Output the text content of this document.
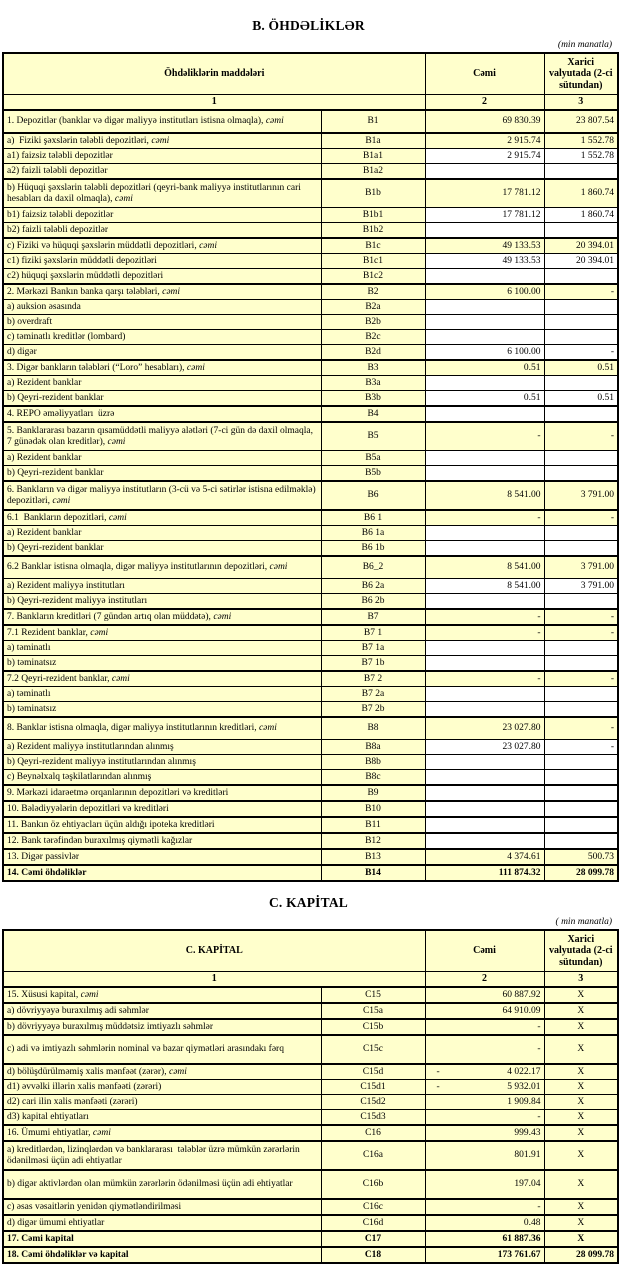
B. ÖHDƏLİKLƏR
(min manatla)
Öhdəliklərin maddələri		Cəmi	Xarici valyutada (2-ci sütundan)
1		2	3
1. Depozitlər (banklar və digər maliyyə institutları istisna olmaqla), cəmi	B1	69 830.39	23 807.54
a)  Fiziki şəxslərin tələbli depozitləri, cəmi	B1a	2 915.74	1 552.78
a1) faizsiz tələbli depozitlər	B1a1	2 915.74	1 552.78
a2) faizli tələbli depozitlər	B1a2		
b) Hüquqi şəxslərin tələbli depozitləri (qeyri-bank maliyyə institutlarının cari hesabları da daxil olmaqla), cəmi	B1b	17 781.12	1 860.74
b1) faizsiz tələbli depozitlər	B1b1	17 781.12	1 860.74
b2) faizli tələbli depozitlər	B1b2		
c) Fiziki və hüquqi şəxslərin müddətli depozitləri, cəmi	B1c	49 133.53	20 394.01
c1) fiziki şəxslərin müddətli depozitləri	B1c1	49 133.53	20 394.01
c2) hüquqi şəxslərin müddətli depozitləri	B1c2		
2. Mərkəzi Bankın banka qarşı tələbləri, cəmi	B2	6 100.00	-
a) auksion əsasında	B2a		
b) overdraft	B2b		
c) təminatlı kreditlər (lombard)	B2c		
d) digər	B2d	6 100.00	-
3. Digər bankların tələbləri (“Loro” hesabları), cəmi	B3	0.51	0.51
a) Rezident banklar	B3a		
b) Qeyri-rezident banklar	B3b	0.51	0.51
4. REPO əməliyyatları  üzrə	B4		
5. Banklararası bazarın qısamüddətli maliyyə alətləri (7-ci gün də daxil olmaqla, 7 günədək olan kreditlər), cəmi	B5	-	-
a) Rezident banklar	B5a		
b) Qeyri-rezident banklar	B5b		
6. Bankların və digər maliyyə institutların (3-cü və 5-ci sətirlər istisna edilməklə) depozitləri, cəmi	B6	8 541.00	3 791.00
6.1  Bankların depozitləri, cəmi	B6 1	-	-
a) Rezident banklar	B6 1a		
b) Qeyri-rezident banklar	B6 1b		
6.2 Banklar istisna olmaqla, digər maliyyə institutlarının depozitləri, cəmi	B6_2	8 541.00	3 791.00
a) Rezident maliyyə institutları	B6 2a	8 541.00	3 791.00
b) Qeyri-rezident maliyyə institutları	B6 2b		
7. Bankların kreditləri (7 gündən artıq olan müddətə), cəmi	B7	-	-
7.1 Rezident banklar, cəmi	B7 1	-	-
a) təminatlı	B7 1a		
b) təminatsız	B7 1b		
7.2 Qeyri-rezident banklar, cəmi	B7 2	-	-
a) təminatlı	B7 2a		
b) təminatsız	B7 2b		
8. Banklar istisna olmaqla, digər maliyyə institutlarının kreditləri, cəmi	B8	23 027.80	-
a) Rezident maliyyə institutlarından alınmış	B8a	23 027.80	-
b) Qeyri-rezident maliyyə institutlarından alınmış	B8b		
c) Beynəlxalq təşkilatlarından alınmış	B8c		
9. Mərkəzi idarəetmə orqanlarının depozitləri və kreditləri	B9		
10. Bələdiyyələrin depozitləri və kreditləri	B10		
11. Bankın öz ehtiyacları üçün aldığı ipoteka kreditləri	B11		
12. Bank tərəfindən buraxılmış qiymətli kağızlar	B12		
13. Digər passivlər	B13	4 374.61	500.73
14. Cəmi öhdəliklər	B14	111 874.32	28 099.78
C. KAPİTAL
( min manatla)
C. KAPİTAL		Cəmi	Xarici valyutada (2-ci sütundan)
1		2	3
15. Xüsusi kapital, cəmi	C15	60 887.92	X
a) dövriyyəyə buraxılmış adi səhmlər	C15a	64 910.09	X
b) dövriyyəyə buraxılmış müddətsiz imtiyazlı səhmlər	C15b	-	X
c) adi və imtiyazlı səhmlərin nominal və bazar qiymətləri arasındakı fərq	C15c	-	X
d) bölüşdürülməmiş xalis mənfəət (zərər), cəmi	C15d	- 4 022.17	X
d1) əvvəlki illərin xalis mənfəəti (zərəri)	C15d1	- 5 932.01	X
d2) cari ilin xalis mənfəəti (zərəri)	C15d2	1 909.84	X
d3) kapital ehtiyatları	C15d3	-	X
16. Ümumi ehtiyatlar, cəmi	C16	999.43	X
a) kreditlərdən, lizinqlərdən və banklararası  tələblər üzrə mümkün zərərlərin ödənilməsi üçün adi ehtiyatlar	C16a	801.91	X
b) digər aktivlərdən olan mümkün zərərlərin ödənilməsi üçün adi ehtiyatlar	C16b	197.04	X
c) əsas vəsaitlərin yenidən qiymətləndirilməsi	C16c	-	X
d) digər ümumi ehtiyatlar	C16d	0.48	X
17. Cəmi kapital	C17	61 887.36	X
18. Cəmi öhdəliklər və kapital	C18	173 761.67	28 099.78
